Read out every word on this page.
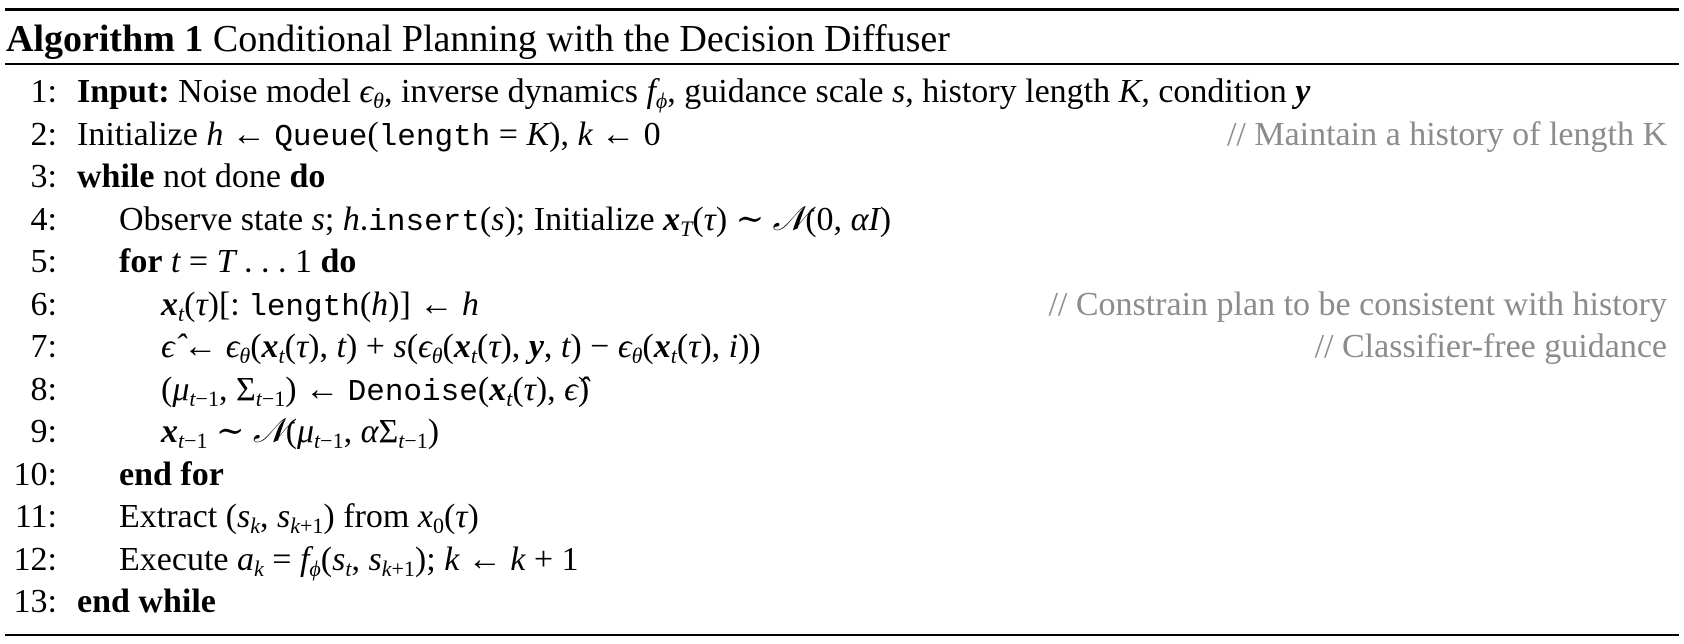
Algorithm 1 Conditional Planning with the Decision Diffuser
1: Input: Noise model $\epsilon_\theta$, inverse dynamics $f_\phi$, guidance scale s, history length K, condition y
2: Initialize h ← Queue(length = K), k ← 0	// Maintain a history of length K
3: while not done do
4: Observe state s; h.insert(s); Initialize $x_T(\tau)$ ∼ 𝒩(0, αI)
5: for t = T . . . 1 do
6:	$x_t(\tau)$[: length(h)] ← h	// Constrain plan to be consistent with history
7:	ϵ̂ ← $\epsilon_\theta(x_t(\tau)$, $t) + s(\epsilon_\theta(x_t(\tau)$, y, $t) - \epsilon_\theta(x_t(\tau)$, i))	// Classifier-free guidance
8:	($\mu_{t-1}$, $\Sigma_{t-1}$) ← $Denoise(x_t(\tau)$, ϵ̂)
9:	$x_{t-1}$ ∼ $𝒩(\mu_{t-1}$, $\alpha\Sigma_{t-1}$)
10: end for
11: Extract ($s_k$, $s_{k+1}$) from $x_0(\tau)$
12: Execute $a_k = f_\phi(s_t$, $s_{k+1}$); k ← k + 1
13: end while
